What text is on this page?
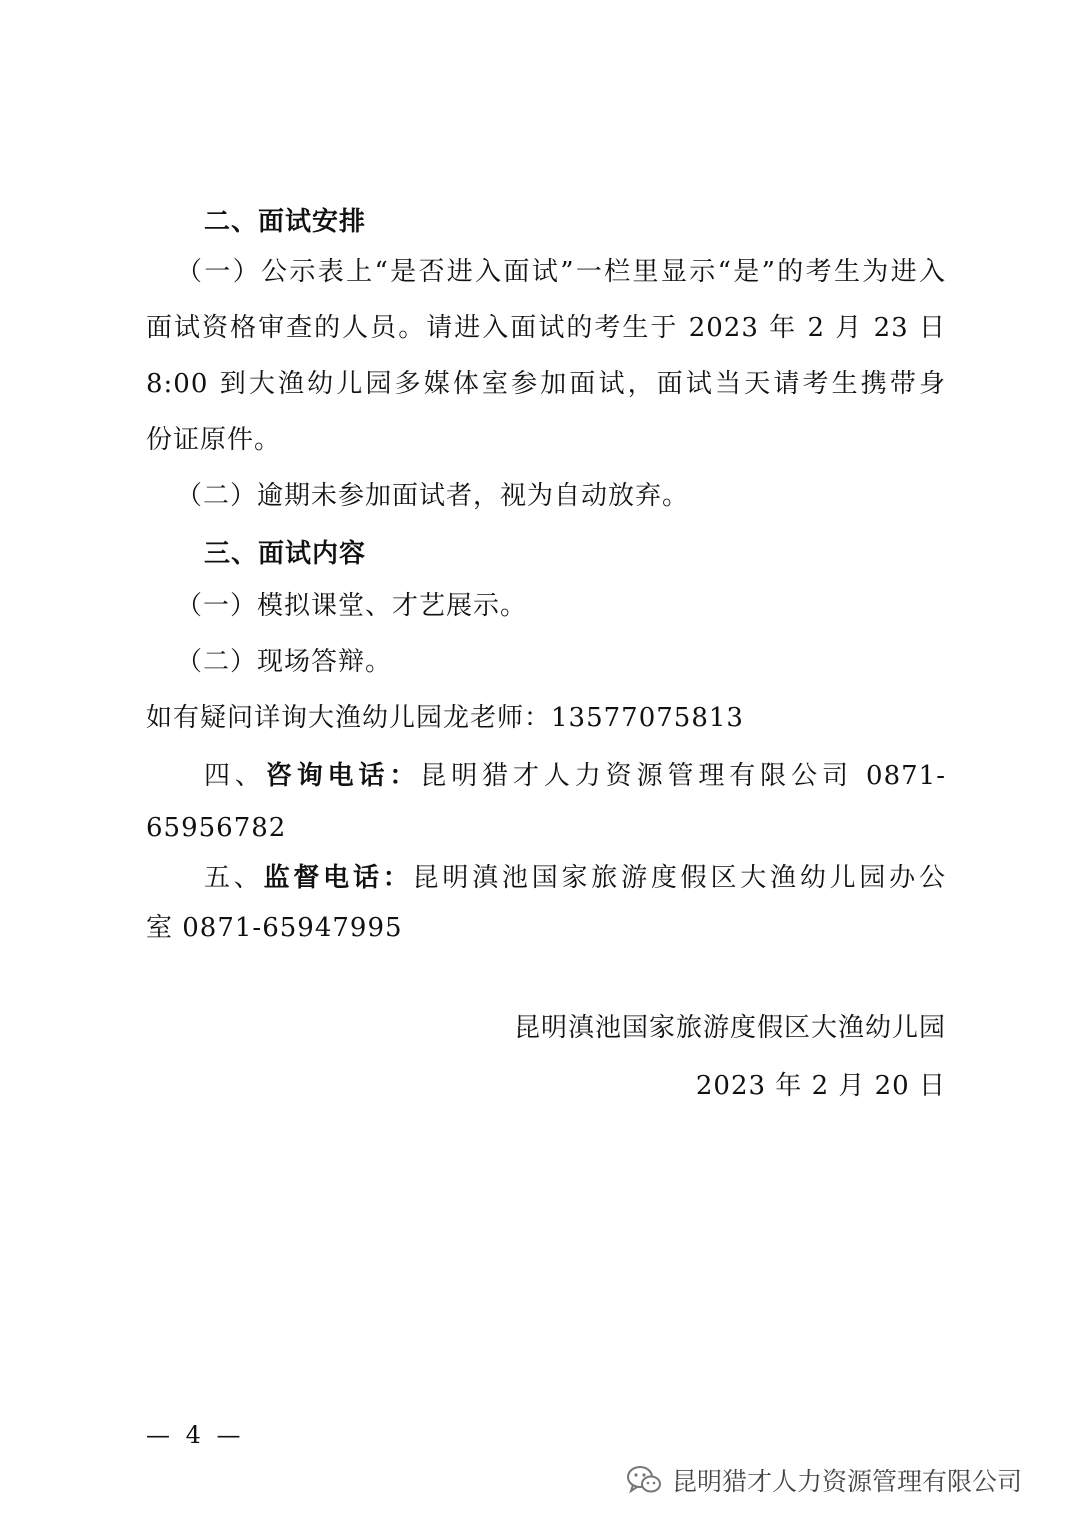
二、面试安排
（一）公示表上“是否进入面试”一栏里显示“是”的考生为进入
面试资格审查的人员。请进入面试的考生于 2023 年 2 月 23 日
8:00 到大渔幼儿园多媒体室参加面试，面试当天请考生携带身
份证原件。
（二）逾期未参加面试者，视为自动放弃。
三、面试内容
（一）模拟课堂、才艺展示。
（二）现场答辩。
如有疑问详询大渔幼儿园龙老师：13577075813
四、咨询电话：昆明猎才人力资源管理有限公司 0871-
65956782
五、监督电话：昆明滇池国家旅游度假区大渔幼儿园办公
室 0871-65947995
昆明滇池国家旅游度假区大渔幼儿园
2023 年 2 月 20 日
— 4 —
昆明猎才人力资源管理有限公司
